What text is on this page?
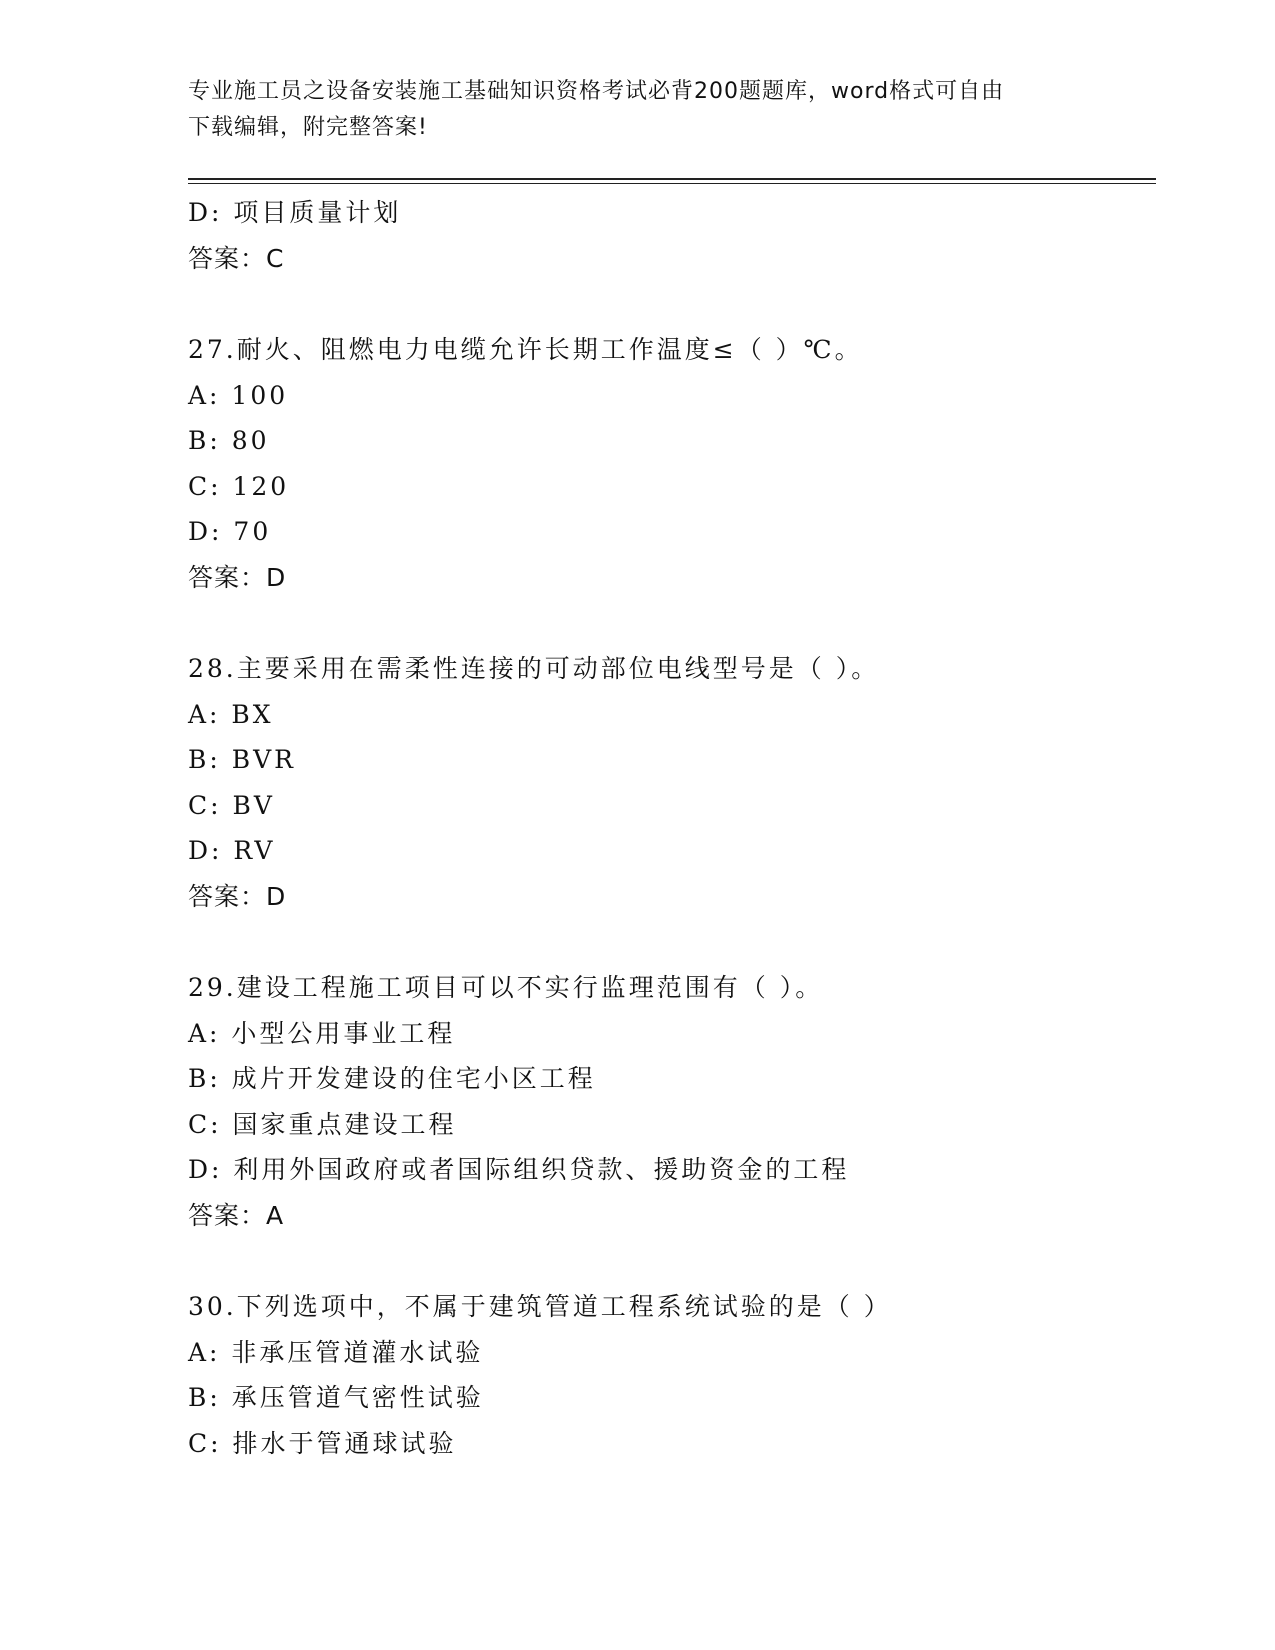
专业施工员之设备安装施工基础知识资格考试必背200题题库，word格式可自由
下载编辑，附完整答案!
D: 项目质量计划
答案：C
27.耐火、阻燃电力电缆允许长期工作温度≤（ ）℃。
A: 100
B: 80
C: 120
D: 70
答案：D
28.主要采用在需柔性连接的可动部位电线型号是（ ）。
A: BX
B: BVR
C: BV
D: RV
答案：D
29.建设工程施工项目可以不实行监理范围有（ ）。
A: 小型公用事业工程
B: 成片开发建设的住宅小区工程
C: 国家重点建设工程
D: 利用外国政府或者国际组织贷款、援助资金的工程
答案：A
30.下列选项中，不属于建筑管道工程系统试验的是（ ）
A: 非承压管道灌水试验
B: 承压管道气密性试验
C: 排水于管通球试验
